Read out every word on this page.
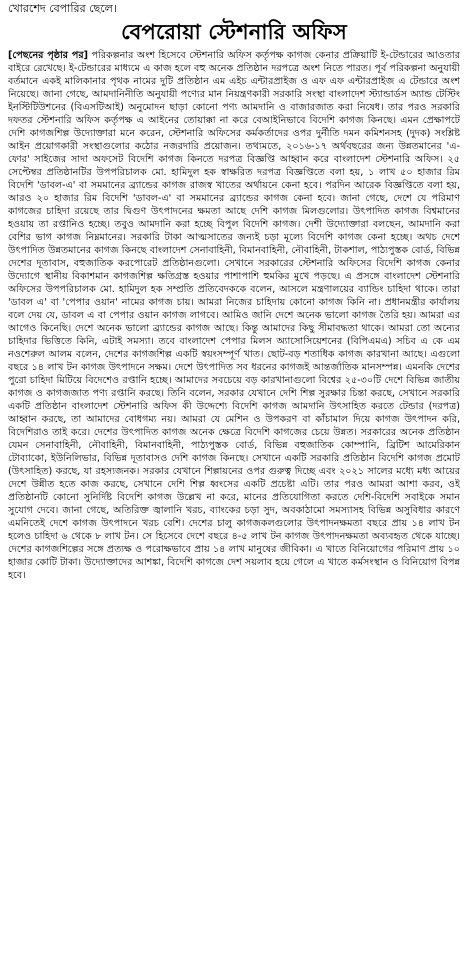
খোরশেদ বেপারির ছেলে।
বেপরোয়া স্টেশনারি অফিস

[পেছনের পৃষ্ঠার পর] পরিকল্পনার অংশ হিসেবে স্টেশনারি অফিস কর্তৃপক্ষ কাগজ কেনার প্রক্রিয়াটি ই-টেন্ডারের আওতার বাইরে রেখেছে। ই-টেন্ডারের মাধ্যমে এ কাজ হলে বহু অনেক প্রতিষ্ঠান দরপত্রে অংশ নিতে পারত। পূর্ব পরিকল্পনা অনুযায়ী বর্তমানে একই মালিকানার পৃথক নামের দুটি প্রতিষ্ঠান এম এইচ এন্টারপ্রাইজ ও এফ এফ এন্টারপ্রাইজ এ টেন্ডারে অংশ নিয়েছে। জানা গেছে, আমদানিনীতি অনুযায়ী পণ্যের মান নিয়ন্ত্রণকারী সরকারি সংস্থা বাংলাদেশ স্ট্যান্ডার্ডস অ্যান্ড টেস্টিং ইনস্টিটিউশনের (বিএসটিআই) অনুমোদন ছাড়া কোনো পণ্য আমদানি ও বাজারজাত করা নিষেধ। তার পরও সরকারি দফতর স্টেশনারি অফিস কর্তৃপক্ষ এ আইনের তোয়াক্কা না করে বেআইনিভাবে বিদেশি কাগজ কিনছে। এমন প্রেক্ষাপটে দেশি কাগজশিল্প উদ্যোক্তারা মনে করেন, স্টেশনারি অফিসের কর্মকর্তাদের ওপর দুর্নীতি দমন কমিশনসহ (দুদক) সংশ্লিষ্ট আইন প্রয়োগকারী সংস্থাগুলোর কঠোর নজরদারি প্রয়োজন। তথ্যমতে, ২০১৬-১৭ অর্থবছরের জন্য উন্নতমানের 'এ-ফোর' সাইজের সাদা অফসেট বিদেশি কাগজ কিনতে দরপত্র বিজ্ঞপ্তি আহ্বান করে বাংলাদেশ স্টেশনারি অফিস। ২৫ সেপ্টেম্বর প্রতিষ্ঠানটির উপপরিচালক মো. হামিদুল হক স্বাক্ষরিত দরপত্র বিজ্ঞপ্তিতে বলা হয়, ১ লাখ ৫০ হাজার রিম বিদেশি 'ডাবল-এ' বা সমমানের ব্র্যান্ডের কাগজ রাজস্ব খাতের অর্থায়নে কেনা হবে। পরদিন আরেক বিজ্ঞপ্তিতে বলা হয়, আরও ২০ হাজার রিম বিদেশি 'ডাবল-এ' বা সমমানের ব্র্যান্ডের কাগজ কেনা হবে। জানা গেছে, দেশে যে পরিমাণ কাগজের চাহিদা রয়েছে তার দ্বিগুণ উৎপাদনের ক্ষমতা আছে দেশি কাগজ মিলগুলোর। উৎপাদিত কাগজ বিশ্বমানের হওয়ায় তা রপ্তানিও হচ্ছে। তবুও আমদানি করা হচ্ছে বিপুল বিদেশি কাগজ। দেশী উদ্যোক্তারা বলছেন, আমদানি করা বেশির ভাগ কাগজ নিম্নমানের। সরকারি টাকা আত্মসাতের জন্যই চড়া মূল্যে বিদেশি কাগজ কেনা হচ্ছে। অথচ দেশে উৎপাদিত উন্নতমানের কাগজ কিনছে বাংলাদেশ সেনাবাহিনী, বিমানবাহিনী, নৌবাহিনী, টাকশাল, পাঠ্যপুস্তক বোর্ড, বিভিন্ন দেশের দূতাবাস, বহুজাতিক করপোরেট প্রতিষ্ঠানগুলো। সেখানে সরকারের স্টেশনারি অফিসের বিদেশি কাগজ কেনার উদ্যোগে স্থানীয় বিকাশমান কাগজশিল্প ক্ষতিগ্রস্ত হওয়ার পাশাপাশি হুমকির মুখে পড়ছে। এ প্রসঙ্গে বাংলাদেশ স্টেশনারি অফিসের উপপরিচালক মো. হামিদুল হক সম্প্রতি প্রতিবেদককে বলেন, আসলে মন্ত্রণালয়ের ব্যান্ডিং চাহিদা থাকে। তারা 'ডাবল এ' বা 'পেপার ওয়ান' নামের কাগজ চায়। আমরা নিজের চাহিদায় কোনো কাগজ কিনি না। প্রধানমন্ত্রীর কার্যালয় বলে দেয় যে, ডাবল এ বা পেপার ওয়ান কাগজ লাগবে। আমিও জানি দেশে অনেক ভালো কাগজ তৈরি হয়। আমরা এর আগেও কিনেছি। দেশে অনেক ভালো ব্র্যান্ডের কাগজ আছে। কিন্তু আমাদের কিছু সীমাবদ্ধতা থাকে। আমরা তো অন্যের চাহিদার ভিত্তিতে কিনি, এটাই সমস্যা। তবে বাংলাদেশ পেপার মিলস অ্যাসোসিয়েশনের (বিপিএমএ) সচিব এ কে এম নওশেরুল আলম বলেন, দেশের কাগজশিল্প একটি স্বয়ংসম্পূর্ণ খাত। ছোট-বড় শতাধিক কাগজ কারখানা আছে। এগুলো বছরে ১৪ লাখ টন কাগজ উৎপাদনে সক্ষম। দেশে উৎপাদিত সব ধরনের কাগজই আন্তর্জাতিক মানসম্পন্ন। এমনকি দেশের পুরো চাহিদা মিটিয়ে বিদেশেও রপ্তানি হচ্ছে। আমাদের সবচেয়ে বড় কারখানাগুলো বিশ্বের ২৫-৩০টি দেশে বিভিন্ন জাতীয় কাগজ ও কাগজজাত পণ্য রপ্তানি করছে। তিনি বলেন, সরকার যেখানে দেশি শিল্প সুরক্ষার চিন্তা করছে, সেখানে সরকারি একটি প্রতিষ্ঠান বাংলাদেশ স্টেশনারি অফিস কী উদ্দেশ্যে বিদেশি কাগজ আমদানি উৎসাহিত করতে টেন্ডার (দরপত্র) আহ্বান করছে, তা আমাদের বোধগম্য নয়। আমরা যে মেশিন ও উপকরণ বা কাঁচামাল দিয়ে কাগজ উৎপাদন করি, বিদেশিরাও তাই করে। দেশের উৎপাদিত কাগজ অনেক ক্ষেত্রে বিদেশি কাগজের চেয়ে উন্নত। সরকারের অনেক প্রতিষ্ঠান যেমন সেনাবাহিনী, নৌবাহিনী, বিমানবাহিনী, পাঠ্যপুস্তক বোর্ড, বিভিন্ন বহুজাতিক কোম্পানি, ব্রিটিশ আমেরিকান টোব্যাকো, ইউনিলিভার, বিভিন্ন দূতাবাসও দেশি কাগজ কিনছে। সেখানে একটি সরকারি প্রতিষ্ঠান বিদেশি কাগজ প্রমোট (উৎসাহিত) করছে, যা রহস্যজনক। সরকার যেখানে শিল্পায়নের ওপর গুরুত্ব দিচ্ছে এবং ২০২১ সালের মধ্যে মধ্য আয়ের দেশে উন্নীত হতে কাজ করছে, সেখানে দেশি শিল্প ধ্বংসের একটি প্রচেষ্টা এটি। তার পরও আমরা আশা করব, ওই প্রতিষ্ঠানটি কোনো সুনির্দিষ্ট বিদেশি কাগজ উল্লেখ না করে, মানের প্রতিযোগিতা করতে দেশি-বিদেশি সবাইকে সমান সুযোগ দেবে। জানা গেছে, অতিরিক্ত জ্বালানি খরচ, ব্যাংকের চড়া সুদ, অবকাঠামো সমস্যাসহ বিভিন্ন অসুবিধার কারণে এমনিতেই দেশে কাগজ উৎপাদনে খরচ বেশি। দেশের চালু কাগজকলগুলোর উৎপাদনক্ষমতা বছরে প্রায় ১৪ লাখ টন হলেও চাহিদা ৬ থেকে ৮ লাখ টন। সে হিসেবে দেশে বছরে ৪-৫ লাখ টন কাগজ উৎপাদনক্ষমতা অব্যবহৃত থেকে যাচ্ছে। দেশের কাগজশিল্পের সঙ্গে প্রত্যক্ষ ও পরোক্ষভাবে প্রায় ১৪ লাখ মানুষের জীবিকা। এ খাতে বিনিয়োগের পরিমাণ প্রায় ১০ হাজার কোটি টাকা। উদ্যোক্তাদের আশঙ্কা, বিদেশি কাগজে দেশ সয়লাব হয়ে গেলে এ খাতে কর্মসংস্থান ও বিনিয়োগ বিপন্ন হবে।
